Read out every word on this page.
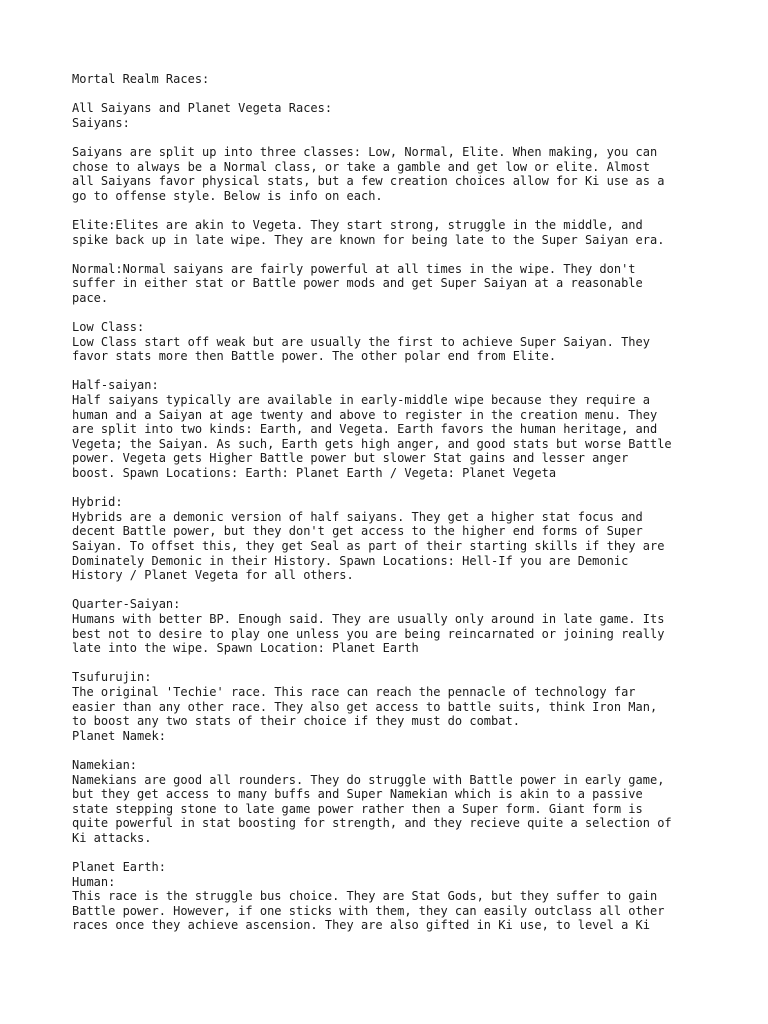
Mortal Realm Races:
All Saiyans and Planet Vegeta Races:
Saiyans:
Saiyans are split up into three classes: Low, Normal, Elite. When making, you can
chose to always be a Normal class, or take a gamble and get low or elite. Almost
all Saiyans favor physical stats, but a few creation choices allow for Ki use as a
go to offense style. Below is info on each.
Elite:Elites are akin to Vegeta. They start strong, struggle in the middle, and
spike back up in late wipe. They are known for being late to the Super Saiyan era.
Normal:Normal saiyans are fairly powerful at all times in the wipe. They don't
suffer in either stat or Battle power mods and get Super Saiyan at a reasonable
pace.
Low Class:
Low Class start off weak but are usually the first to achieve Super Saiyan. They
favor stats more then Battle power. The other polar end from Elite.
Half-saiyan:
Half saiyans typically are available in early-middle wipe because they require a
human and a Saiyan at age twenty and above to register in the creation menu. They
are split into two kinds: Earth, and Vegeta. Earth favors the human heritage, and
Vegeta; the Saiyan. As such, Earth gets high anger, and good stats but worse Battle
power. Vegeta gets Higher Battle power but slower Stat gains and lesser anger
boost. Spawn Locations: Earth: Planet Earth / Vegeta: Planet Vegeta
Hybrid:
Hybrids are a demonic version of half saiyans. They get a higher stat focus and
decent Battle power, but they don't get access to the higher end forms of Super
Saiyan. To offset this, they get Seal as part of their starting skills if they are
Dominately Demonic in their History. Spawn Locations: Hell-If you are Demonic
History / Planet Vegeta for all others.
Quarter-Saiyan:
Humans with better BP. Enough said. They are usually only around in late game. Its
best not to desire to play one unless you are being reincarnated or joining really
late into the wipe. Spawn Location: Planet Earth
Tsufurujin:
The original 'Techie' race. This race can reach the pennacle of technology far
easier than any other race. They also get access to battle suits, think Iron Man,
to boost any two stats of their choice if they must do combat.
Planet Namek:
Namekian:
Namekians are good all rounders. They do struggle with Battle power in early game,
but they get access to many buffs and Super Namekian which is akin to a passive
state stepping stone to late game power rather then a Super form. Giant form is
quite powerful in stat boosting for strength, and they recieve quite a selection of
Ki attacks.
Planet Earth:
Human:
This race is the struggle bus choice. They are Stat Gods, but they suffer to gain
Battle power. However, if one sticks with them, they can easily outclass all other
races once they achieve ascension. They are also gifted in Ki use, to level a Ki
